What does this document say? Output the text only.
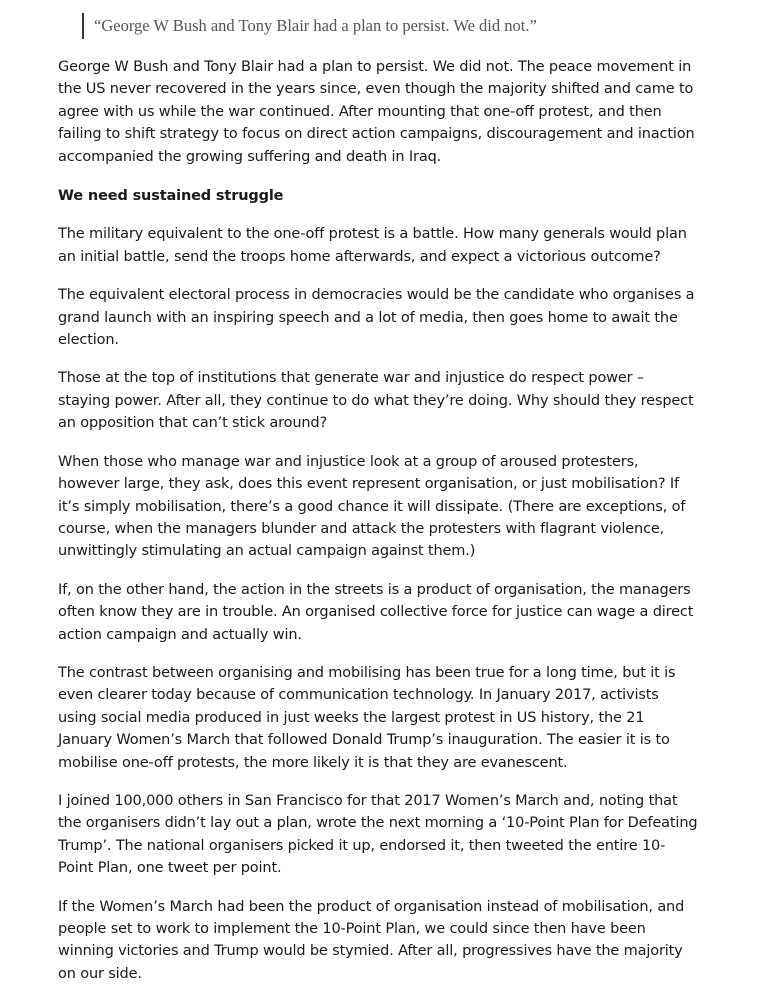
“George W Bush and Tony Blair had a plan to persist. We did not.”

George W Bush and Tony Blair had a plan to persist. We did not. The peace movement in
the US never recovered in the years since, even though the majority shifted and came to
agree with us while the war continued. After mounting that one-off protest, and then
failing to shift strategy to focus on direct action campaigns, discouragement and inaction
accompanied the growing suffering and death in Iraq.

We need sustained struggle

The military equivalent to the one-off protest is a battle. How many generals would plan
an initial battle, send the troops home afterwards, and expect a victorious outcome?

The equivalent electoral process in democracies would be the candidate who organises a
grand launch with an inspiring speech and a lot of media, then goes home to await the
election.

Those at the top of institutions that generate war and injustice do respect power –
staying power. After all, they continue to do what they’re doing. Why should they respect
an opposition that can’t stick around?

When those who manage war and injustice look at a group of aroused protesters,
however large, they ask, does this event represent organisation, or just mobilisation? If
it’s simply mobilisation, there’s a good chance it will dissipate. (There are exceptions, of
course, when the managers blunder and attack the protesters with flagrant violence,
unwittingly stimulating an actual campaign against them.)

If, on the other hand, the action in the streets is a product of organisation, the managers
often know they are in trouble. An organised collective force for justice can wage a direct
action campaign and actually win.

The contrast between organising and mobilising has been true for a long time, but it is
even clearer today because of communication technology. In January 2017, activists
using social media produced in just weeks the largest protest in US history, the 21
January Women’s March that followed Donald Trump’s inauguration. The easier it is to
mobilise one-off protests, the more likely it is that they are evanescent.

I joined 100,000 others in San Francisco for that 2017 Women’s March and, noting that
the organisers didn’t lay out a plan, wrote the next morning a ‘10-Point Plan for Defeating
Trump’. The national organisers picked it up, endorsed it, then tweeted the entire 10-
Point Plan, one tweet per point.

If the Women’s March had been the product of organisation instead of mobilisation, and
people set to work to implement the 10-Point Plan, we could since then have been
winning victories and Trump would be stymied. After all, progressives have the majority
on our side.
